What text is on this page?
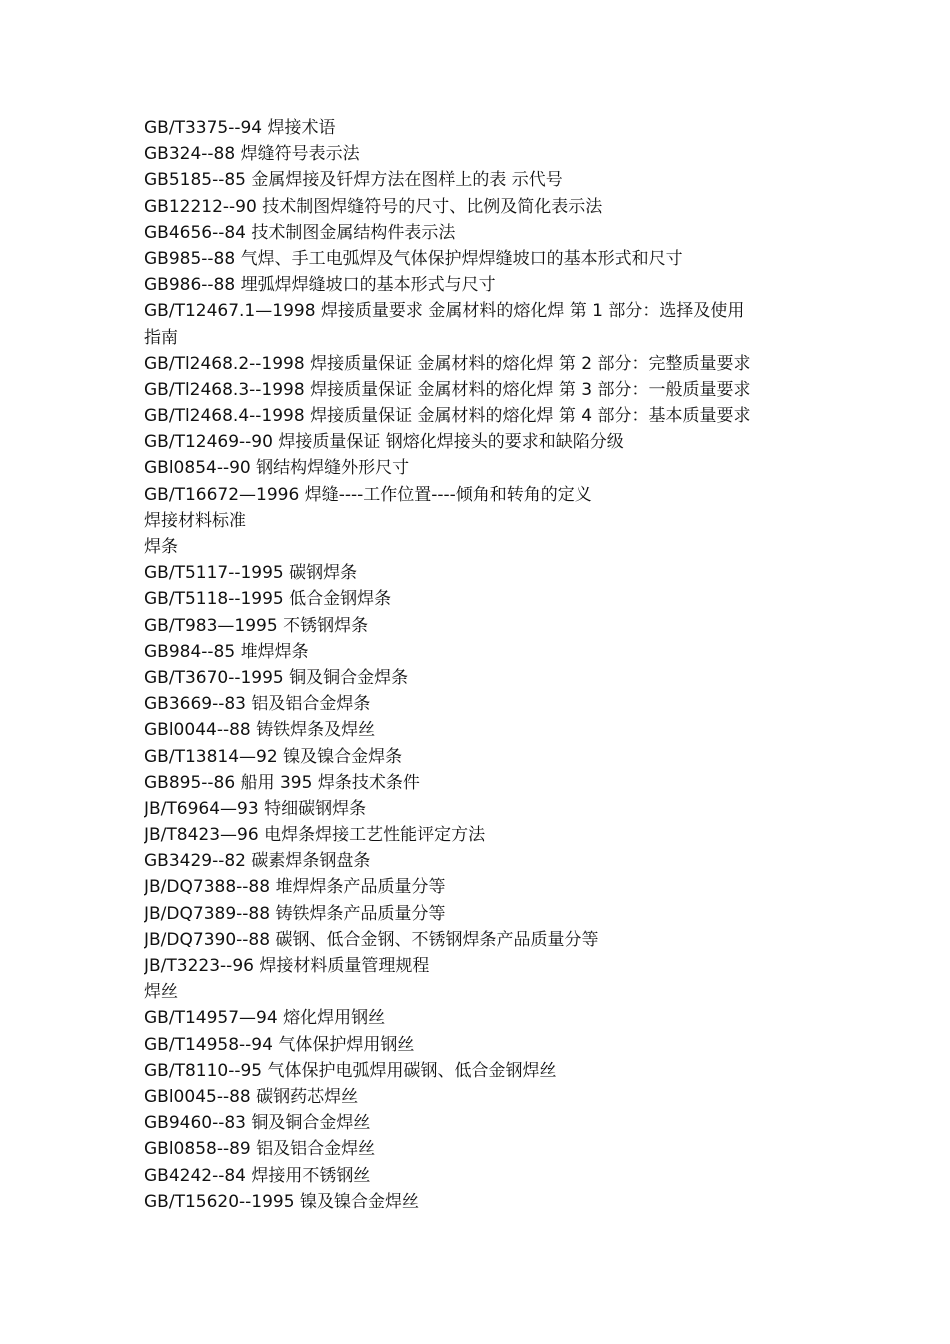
GB/T3375--94 焊接术语
GB324--88 焊缝符号表示法
GB5185--85 金属焊接及钎焊方法在图样上的表 示代号
GB12212--90 技术制图焊缝符号的尺寸、比例及简化表示法
GB4656--84 技术制图金属结构件表示法
GB985--88 气焊、手工电弧焊及气体保护焊焊缝坡口的基本形式和尺寸
GB986--88 埋弧焊焊缝坡口的基本形式与尺寸
GB/T12467.1—1998 焊接质量要求 金属材料的熔化焊 第 1 部分：选择及使用
指南
GB/Tl2468.2--1998 焊接质量保证 金属材料的熔化焊 第 2 部分：完整质量要求
GB/Tl2468.3--1998 焊接质量保证 金属材料的熔化焊 第 3 部分：一般质量要求
GB/Tl2468.4--1998 焊接质量保证 金属材料的熔化焊 第 4 部分：基本质量要求
GB/T12469--90 焊接质量保证 钢熔化焊接头的要求和缺陷分级
GBl0854--90 钢结构焊缝外形尺寸
GB/T16672—1996 焊缝----工作位置----倾角和转角的定义
焊接材料标准
焊条
GB/T5117--1995 碳钢焊条
GB/T5118--1995 低合金钢焊条
GB/T983—1995 不锈钢焊条
GB984--85 堆焊焊条
GB/T3670--1995 铜及铜合金焊条
GB3669--83 铝及铝合金焊条
GBl0044--88 铸铁焊条及焊丝
GB/T13814—92 镍及镍合金焊条
GB895--86 船用 395 焊条技术条件
JB/T6964—93 特细碳钢焊条
JB/T8423—96 电焊条焊接工艺性能评定方法
GB3429--82 碳素焊条钢盘条
JB/DQ7388--88 堆焊焊条产品质量分等
JB/DQ7389--88 铸铁焊条产品质量分等
JB/DQ7390--88 碳钢、低合金钢、不锈钢焊条产品质量分等
JB/T3223--96 焊接材料质量管理规程
焊丝
GB/T14957—94 熔化焊用钢丝
GB/T14958--94 气体保护焊用钢丝
GB/T8110--95 气体保护电弧焊用碳钢、低合金钢焊丝
GBl0045--88 碳钢药芯焊丝
GB9460--83 铜及铜合金焊丝
GBl0858--89 铝及铝合金焊丝
GB4242--84 焊接用不锈钢丝
GB/T15620--1995 镍及镍合金焊丝
